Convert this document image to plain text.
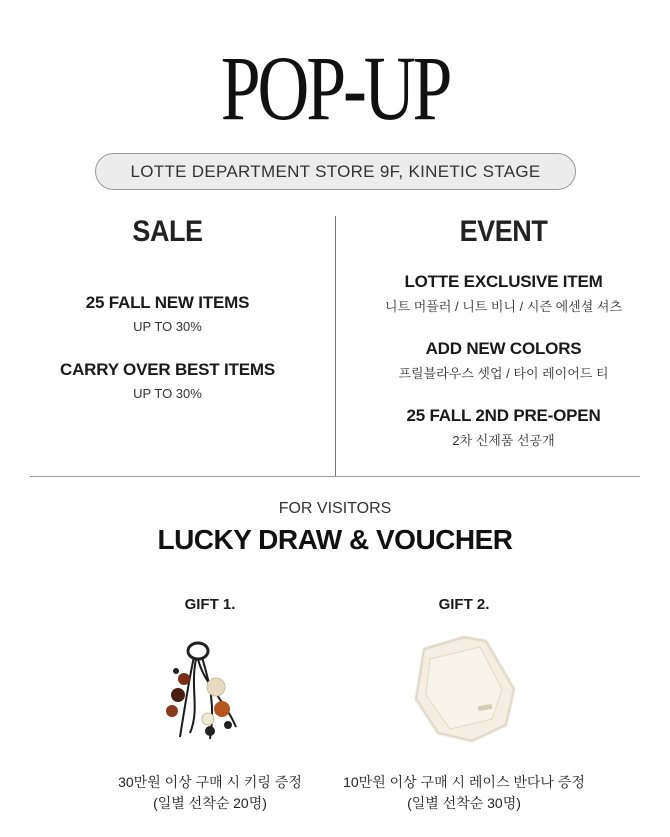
POP-UP
LOTTE DEPARTMENT STORE 9F, KINETIC STAGE
SALE
25 FALL NEW ITEMS
UP TO 30%
CARRY OVER BEST ITEMS
UP TO 30%
EVENT
LOTTE EXCLUSIVE ITEM
니트 머플러 / 니트 비니 / 시즌 에센셜 셔츠
ADD NEW COLORS
프릴블라우스 셋업 / 타이 레이어드 티
25 FALL 2ND PRE-OPEN
2차 신제품 선공개
FOR VISITORS
LUCKY DRAW & VOUCHER
GIFT 1.
30만원 이상 구매 시 키링 증정
(일별 선착순 20명)
GIFT 2.
10만원 이상 구매 시 레이스 반다나 증정
(일별 선착순 30명)
